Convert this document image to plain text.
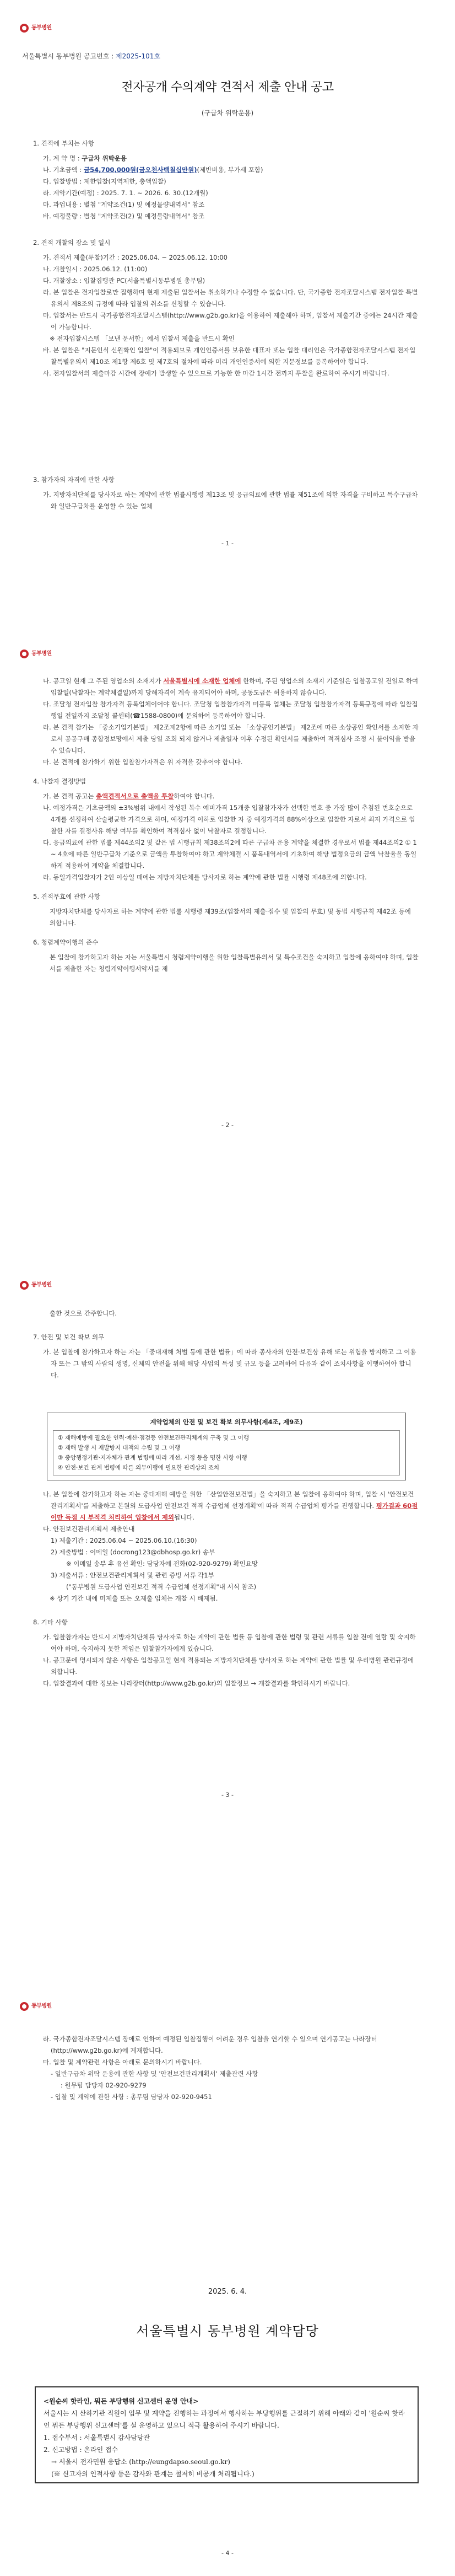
동부병원
서울특별시 동부병원 공고번호 : 제2025-101호
전자공개 수의계약 견적서 제출 안내 공고
(구급차 위탁운용)
1. 견적에 부치는 사항
가. 계 약 명 : 구급차 위탁운용
나. 기초금액 : 금54,700,000원(금오천사백칠십만원)(제반비용, 부가세 포함)
다. 입찰방법 : 제한입찰(지역제한, 총액입찰)
라. 계약기간(예정) : 2025. 7. 1. ~ 2026. 6. 30.(12개월)
마. 과업내용 : 별첨 "계약조건(1) 및 예정물량내역서" 참조
바. 예정물량 : 별첨 "계약조건(2) 및 예정물량내역서" 참조
2. 견적 개찰의 장소 및 일시
가. 견적서 제출(투찰)기간 : 2025.06.04. ~ 2025.06.12. 10:00
나. 개찰일시 : 2025.06.12. (11:00)
다. 개찰장소 : 입찰집행관 PC(서울특별시동부병원 총무팀)
라. 본 입찰은 전자입찰로만 집행하며 현재 제출된 입찰서는 취소하거나 수정할 수 없습니다. 단, 국가종합 전자조달시스템 전자입찰 특별유의서 제8조의 규정에 따라 입찰의 취소를 신청할 수 있습니다.
마. 입찰서는 반드시 국가종합전자조달시스템(http://www.g2b.go.kr)을 이용하여 제출해야 하며, 입찰서 제출기간 중에는 24시간 제출이 가능합니다.
※ 전자입찰시스템 「보낸 문서함」에서 입찰서 제출을 반드시 확인
바. 본 입찰은 "지문인식 신원확인 입찰"이 적용되므로 개인인증서를 보유한 대표자 또는 입찰 대리인은 국가종합전자조달시스템 전자입찰특별유의서 제10조 제1항 제6호 및 제7호의 절차에 따라 미리 개인인증서에 의한 지문정보를 등록하여야 합니다.
사. 전자입찰서의 제출마감 시간에 장애가 발생할 수 있으므로 가능한 한 마감 1시간 전까지 투찰을 완료하여 주시기 바랍니다.
3. 참가자의 자격에 관한 사항
가. 지방자치단체를 당사자로 하는 계약에 관한 법률시행령 제13조 및 응급의료에 관한 법률 제51조에 의한 자격을 구비하고 특수구급차와 일반구급차를 운영할 수 있는 업체
- 1 -
동부병원
나. 공고일 현재 그 주된 영업소의 소재지가 서울특별시에 소재한 업체에 한하며, 주된 영업소의 소재지 기준일은 입찰공고일 전일로 하여 입찰일(낙찰자는 계약체결일)까지 당해자격이 계속 유지되어야 하며, 공동도급은 허용하지 않습니다.
다. 조달청 전자입찰 참가자격 등록업체이어야 합니다. 조달청 입찰참가자격 미등록 업체는 조달청 입찰참가자격 등록규정에 따라 입찰집행일 전일까지 조달청 콜센터(☎1588-0800)에 문의하여 등록하여야 합니다.
라. 본 견적 참가는 「중소기업기본법」 제2조제2항에 따른 소기업 또는 「소상공인기본법」 제2조에 따른 소상공인 확인서를 소지한 자로서 공공구매 종합정보망에서 제출 당일 조회 되지 않거나 제출일자 이후 수정된 확인서를 제출하여 적격심사 조정 시 불이익을 받을 수 있습니다.
마. 본 견적에 참가하기 위한 입찰참가자격은 위 자격을 갖추어야 합니다.
4. 낙찰자 결정방법
가. 본 견적 공고는 총액견적서으로 총액을 투찰하여야 합니다.
나. 예정가격은 기초금액의 ±3%범위 내에서 작성된 복수 예비가격 15개중 입찰참가자가 선택한 번호 중 가장 많이 추첨된 번호순으로 4개를 선정하여 산술평균한 가격으로 하며, 예정가격 이하로 입찰한 자 중 예정가격의 88%이상으로 입찰한 자로서 최저 가격으로 입찰한 자를 결정사유 해당 여부를 확인하여 적격심사 없이 낙찰자로 결정합니다.
다. 응급의료에 관한 법률 제44조의2 및 같은 법 시행규칙 제38조의2에 따른 구급차 운용 계약을 체결한 경우로서 법률 제44조의2 ① 1 ~ 4호에 따른 일반구급차 기준으로 금액을 투찰하여야 하고 계약체결 시 품목내역서에 기초하여 해당 법정요금의 금액 낙찰율을 동일하게 적용하여 계약을 체결합니다.
라. 동일가격입찰자가 2인 이상일 때에는 지방자치단체를 당사자로 하는 계약에 관한 법률 시행령 제48조에 의합니다.
5. 견적무효에 관한 사항
지방자치단체를 당사자로 하는 계약에 관한 법률 시행령 제39조(입찰서의 제출·접수 및 입찰의 무효) 및 동법 시행규칙 제42조 등에 의합니다.
6. 청렴계약이행의 준수
본 입찰에 참가하고자 하는 자는 서울특별시 청렴계약이행을 위한 입찰특별유의서 및 특수조건을 숙지하고 입찰에 응하여야 하며, 입찰서를 제출한 자는 청렴계약이행서약서를 제
- 2 -
동부병원
출한 것으로 간주합니다.
7. 안전 및 보건 확보 의무
가. 본 입찰에 참가하고자 하는 자는 「중대재해 처벌 등에 관한 법률」에 따라 종사자의 안전·보건상 유해 또는 위험을 방지하고 그 이용자 또는 그 밖의 사람의 생명, 신체의 안전을 위해 해당 사업의 특성 및 규모 등을 고려하여 다음과 같이 조치사항을 이행하여야 합니다.
계약업체의 안전 및 보건 확보 의무사항(제4조, 제9조)
① 재해예방에 필요한 인력·예산·점검등 안전보건관리체계의 구축 및 그 이행
② 재해 발생 시 재발방지 대책의 수립 및 그 이행
③ 중앙행정기관·지자체가 관계 법령에 따라 개선, 시정 등을 명한 사항 이행
④ 안전·보건 관계 법령에 따른 의무이행에 필요한 관리상의 조치
나. 본 입찰에 참가하고자 하는 자는 중대재해 예방을 위한 「산업안전보건법」을 숙지하고 본 입찰에 응하여야 하며, 입찰 시 '안전보건관리계획서'를 제출하고 본원의 도급사업 안전보건 적격 수급업체 선정계획'에 따라 적격 수급업체 평가를 진행합니다. 평가결과 60점이만 득점 시 부적격 처리하여 입찰에서 제외됩니다.
다. 안전보건관리계획서 제출안내
1) 제출기간 : 2025.06.04 ~ 2025.06.10.(16:30)
2) 제출방법 : 이메일 (docrong123@dbhosp.go.kr) 송부
※ 이메일 송부 후 유선 확인: 담당자에 전화(02-920-9279) 확인요망
3) 제출서류 : 안전보건관리계획서 및 관련 증빙 서류 각1부
("동부병원 도급사업 안전보건 적격 수급업체 선정계획"내 서식 참조)
※ 상기 기간 내에 미제출 또는 오제출 업체는 개찰 시 배제됨.
8. 기타 사항
가. 입찰참가자는 반드시 지방자치단체를 당사자로 하는 계약에 관한 법률 등 입찰에 관한 법령 및 관련 서류를 입찰 전에 열람 및 숙지하여야 하며, 숙지하지 못한 책임은 입찰참가자에게 있습니다.
나. 공고문에 명시되지 않은 사항은 입찰공고일 현재 적용되는 지방자치단체를 당사자로 하는 계약에 관한 법률 및 우리병원 관련규정에 의합니다.
다. 입찰결과에 대한 정보는 나라장터(http://www.g2b.go.kr)의 입찰정보 → 개찰결과를 확인하시기 바랍니다.
- 3 -
동부병원
라. 국가종합전자조달시스템 장애로 인하여 예정된 입찰집행이 어려운 경우 입찰을 연기할 수 있으며 연기공고는 나라장터(http://www.g2b.go.kr)에 게재합니다.
마. 입찰 및 계약관련 사항은 아래로 문의하시기 바랍니다.
- 일반구급차 위탁 운용에 관한 사항 및 '안전보건관리계획서' 제출관련 사항
: 원무팀 담당자 02-920-9279
- 입찰 및 계약에 관한 사항 : 총무팀 담당자 02-920-9451
2025. 6. 4.
서울특별시 동부병원 계약담당
<원순씨 핫라인, 뭐든 부당행위 신고센터 운영 안내>
서울시는 시 산하기관 직원이 업무 및 계약을 진행하는 과정에서 행사하는 부당행위를 근절하기 위해 아래와 같이 '원순씨 핫라인 뭐든 부당행위 신고센터'를 설 운영하고 있으니 적극 활용하여 주시기 바랍니다.
1. 접수부서 : 서울특별시 감사담당관
2. 신고방법 : 온라인 접수
→ 서울시 전자민원 응답소 (http://eungdapso.seoul.go.kr)
(※ 신고자의 인적사항 등은 감사와 관계는 철저히 비공개 처리됩니다.)
- 4 -
